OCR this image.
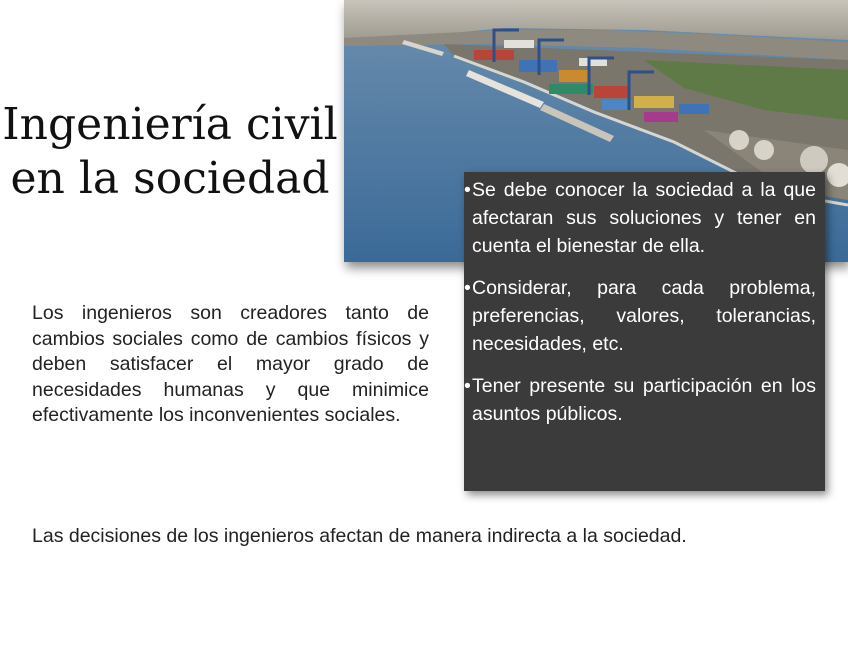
Ingeniería civil
en la sociedad	• Se debe conocer la sociedad a la que afectaran sus soluciones y tener en cuenta el bienestar de ella.
• Considerar, para cada problema, preferencias, valores, tolerancias, necesidades, etc.
• Tener presente su participación en los asuntos públicos.
Los ingenieros son creadores tanto de cambios sociales como de cambios físicos y deben satisfacer el mayor grado de necesidades humanas y que minimice efectivamente los inconvenientes sociales.
Las decisiones de los ingenieros afectan de manera indirecta a la sociedad.
